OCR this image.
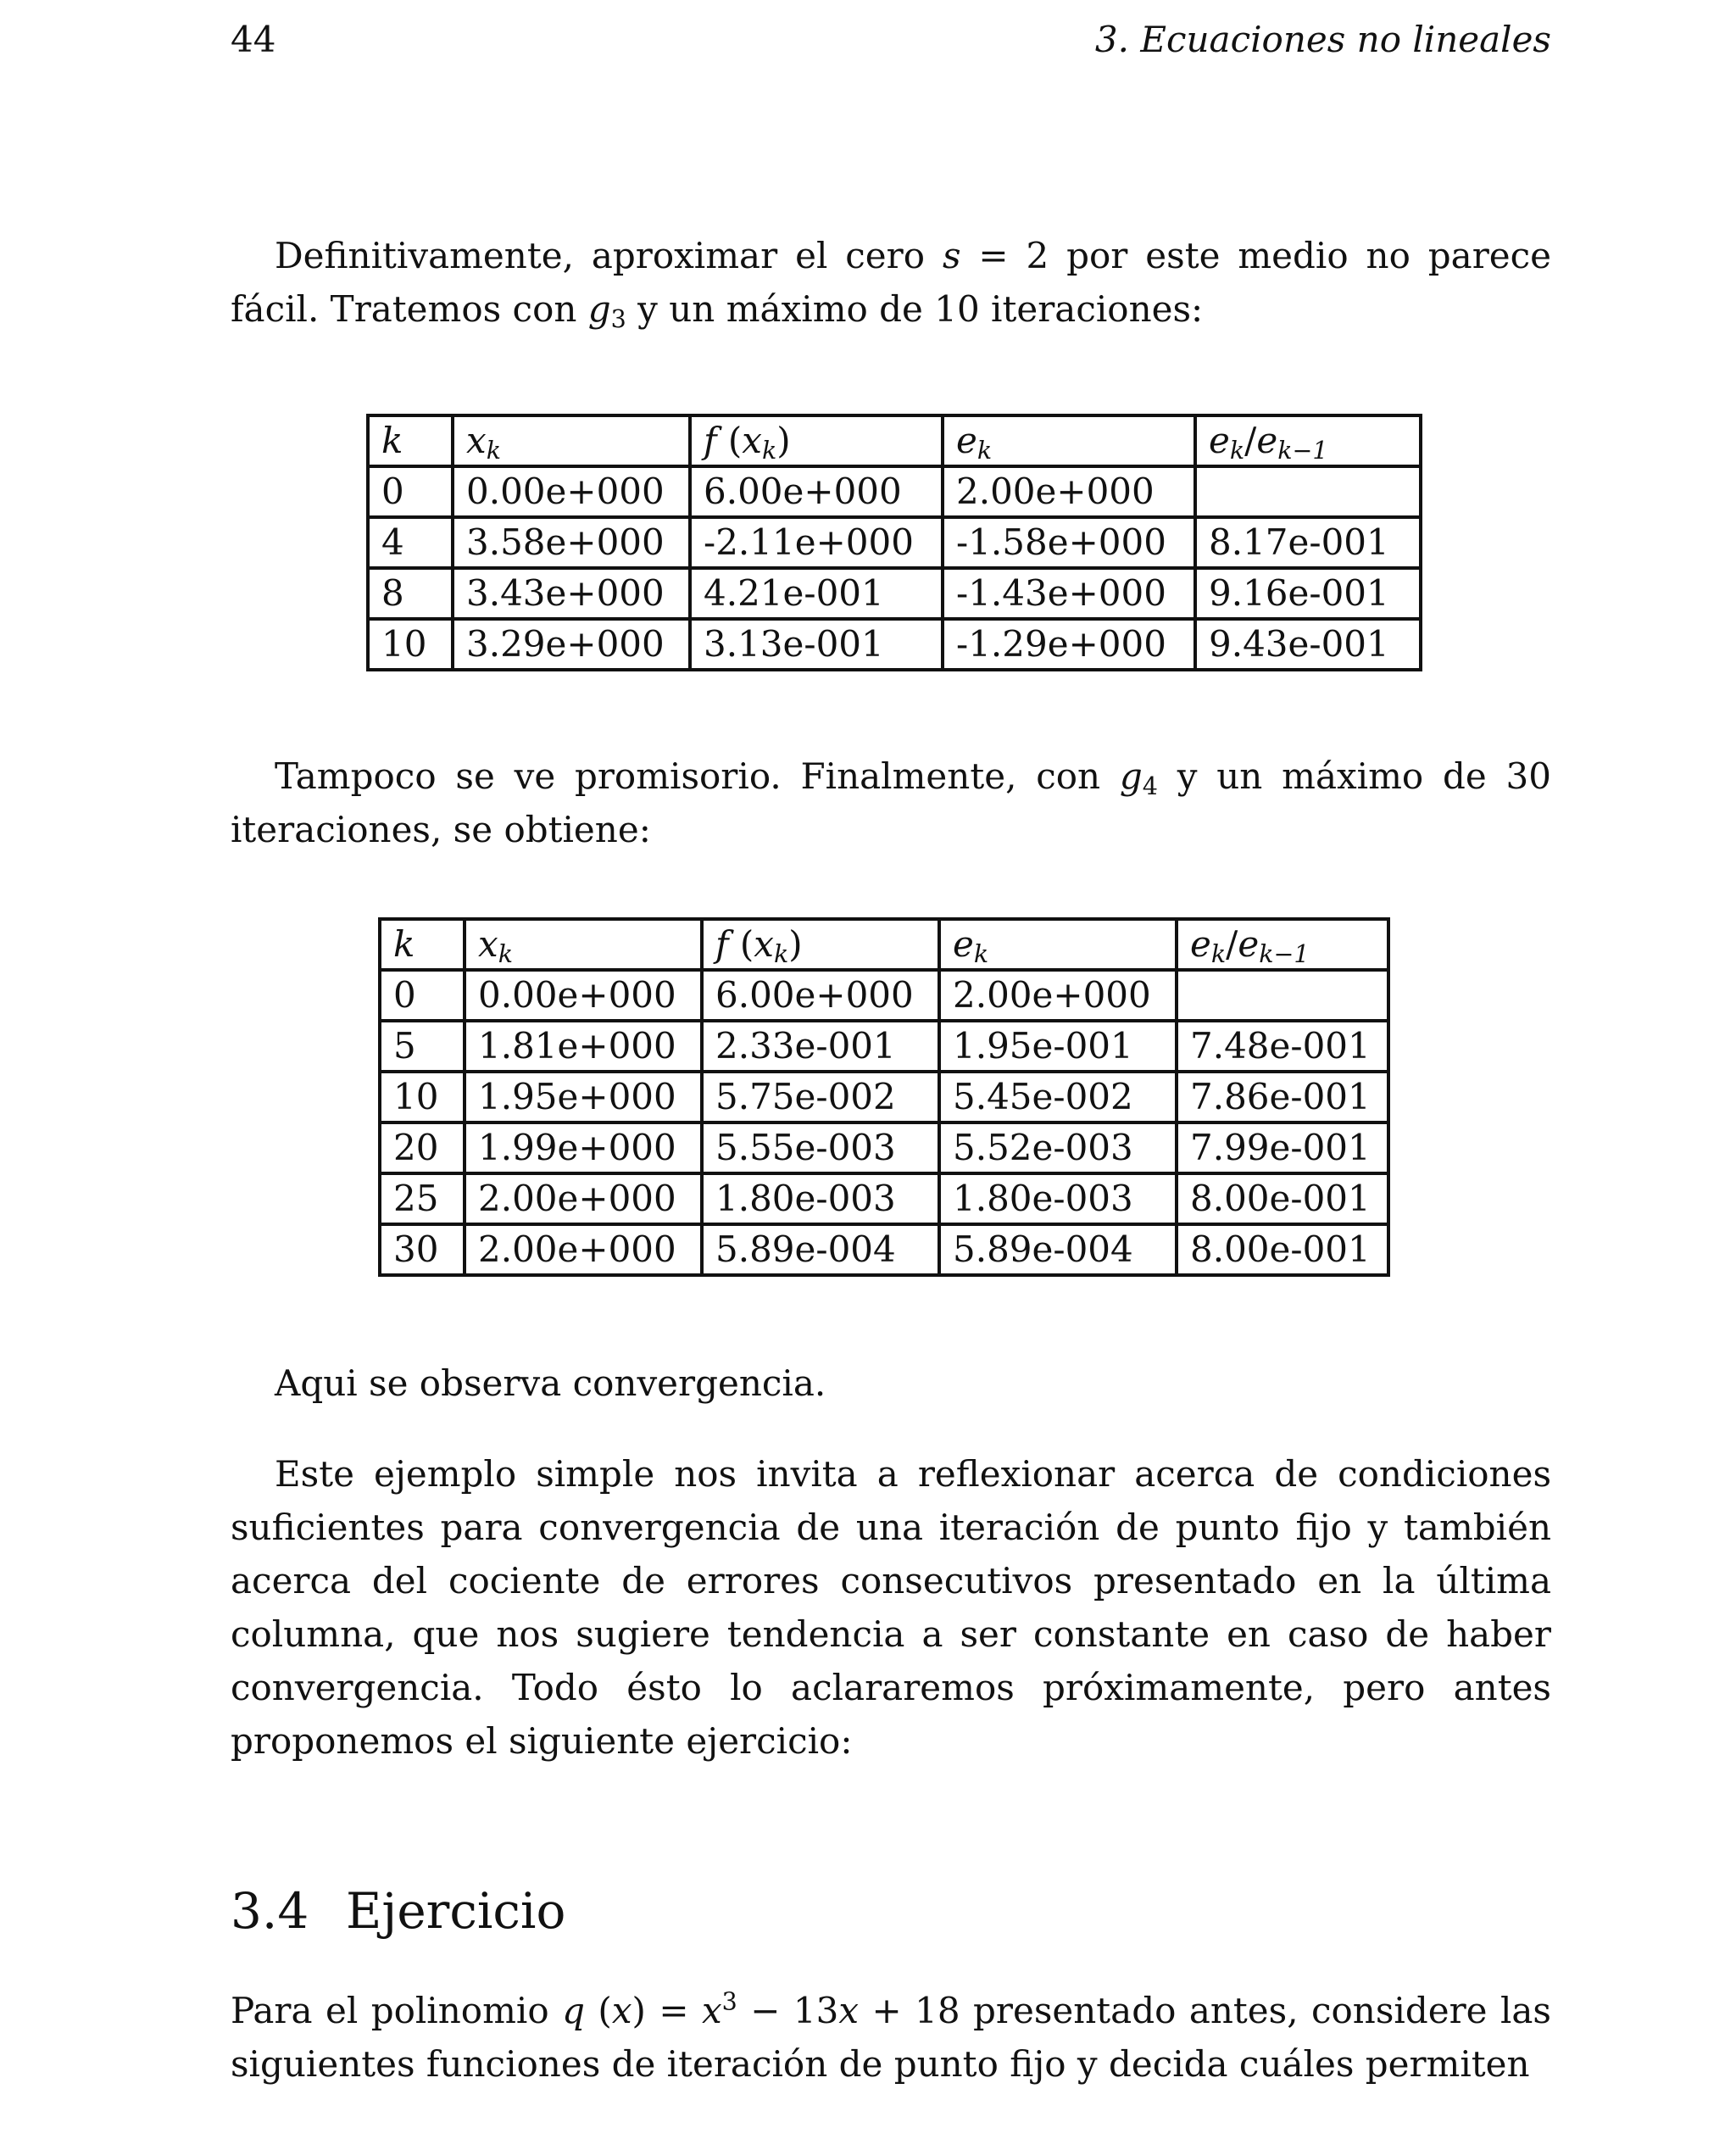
44	3. Ecuaciones no lineales

Definitivamente, aproximar el cero s = 2 por este medio no parece fácil. Tratemos con $g_3$ y un máximo de 10 iteraciones:

k	$x_k$	f $(x_k)$	$e_k$	$e_k/e_{k-1}$
0	0.00e+000	6.00e+000	2.00e+000	
4	3.58e+000	-2.11e+000	-1.58e+000	8.17e-001
8	3.43e+000	4.21e-001	-1.43e+000	9.16e-001
10	3.29e+000	3.13e-001	-1.29e+000	9.43e-001

Tampoco se ve promisorio. Finalmente, con $g_4$ y un máximo de 30 iteraciones, se obtiene:

k	$x_k$	f $(x_k)$	$e_k$	$e_k/e_{k-1}$
0	0.00e+000	6.00e+000	2.00e+000	
5	1.81e+000	2.33e-001	1.95e-001	7.48e-001
10	1.95e+000	5.75e-002	5.45e-002	7.86e-001
20	1.99e+000	5.55e-003	5.52e-003	7.99e-001
25	2.00e+000	1.80e-003	1.80e-003	8.00e-001
30	2.00e+000	5.89e-004	5.89e-004	8.00e-001

Aqui se observa convergencia.

Este ejemplo simple nos invita a reflexionar acerca de condiciones suficientes para convergencia de una iteración de punto fijo y también acerca del cociente de errores consecutivos presentado en la última columna, que nos sugiere tendencia a ser constante en caso de haber convergencia. Todo ésto lo aclararemos próximamente, pero antes proponemos el siguiente ejercicio:

3.4 Ejercicio

Para el polinomio q $(x) = x^3 - 13x + 18$ presentado antes, considere las siguientes funciones de iteración de punto fijo y decida cuáles permiten
